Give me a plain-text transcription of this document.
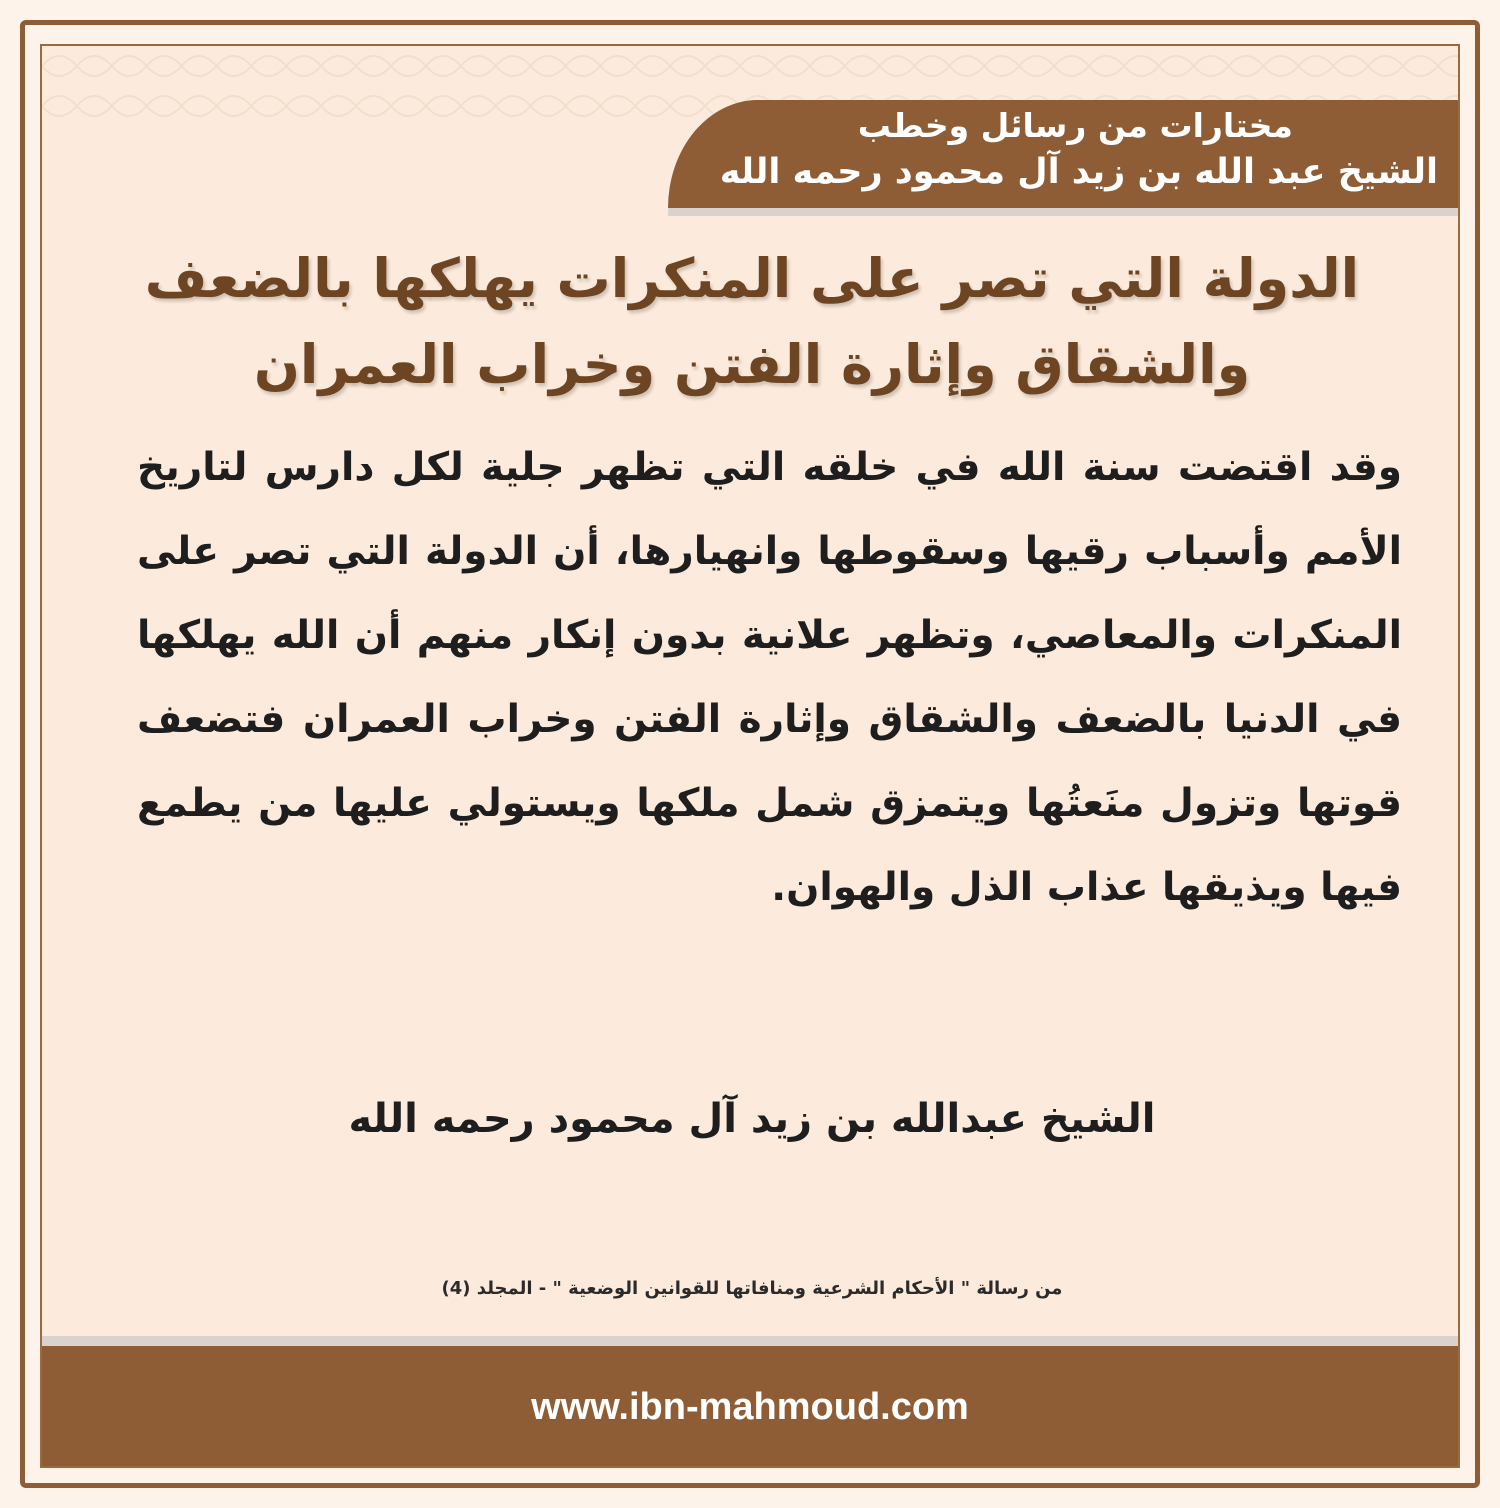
مختارات من رسائل وخطب
الشيخ عبد الله بن زيد آل محمود رحمه الله
الدولة التي تصر على المنكرات يهلكها بالضعف والشقاق وإثارة الفتن وخراب العمران
وقد اقتضت سنة الله في خلقه التي تظهر جلية لكل دارس لتاريخ الأمم وأسباب رقيها وسقوطها وانهيارها، أن الدولة التي تصر على المنكرات والمعاصي، وتظهر علانية بدون إنكار منهم أن الله يهلكها في الدنيا بالضعف والشقاق وإثارة الفتن وخراب العمران فتضعف قوتها وتزول منَعتُها ويتمزق شمل ملكها ويستولي عليها من يطمع فيها ويذيقها عذاب الذل والهوان.
الشيخ عبدالله بن زيد آل محمود رحمه الله
من رسالة " الأحكام الشرعية ومنافاتها للقوانين الوضعية " - المجلد (4)
www.ibn-mahmoud.com
